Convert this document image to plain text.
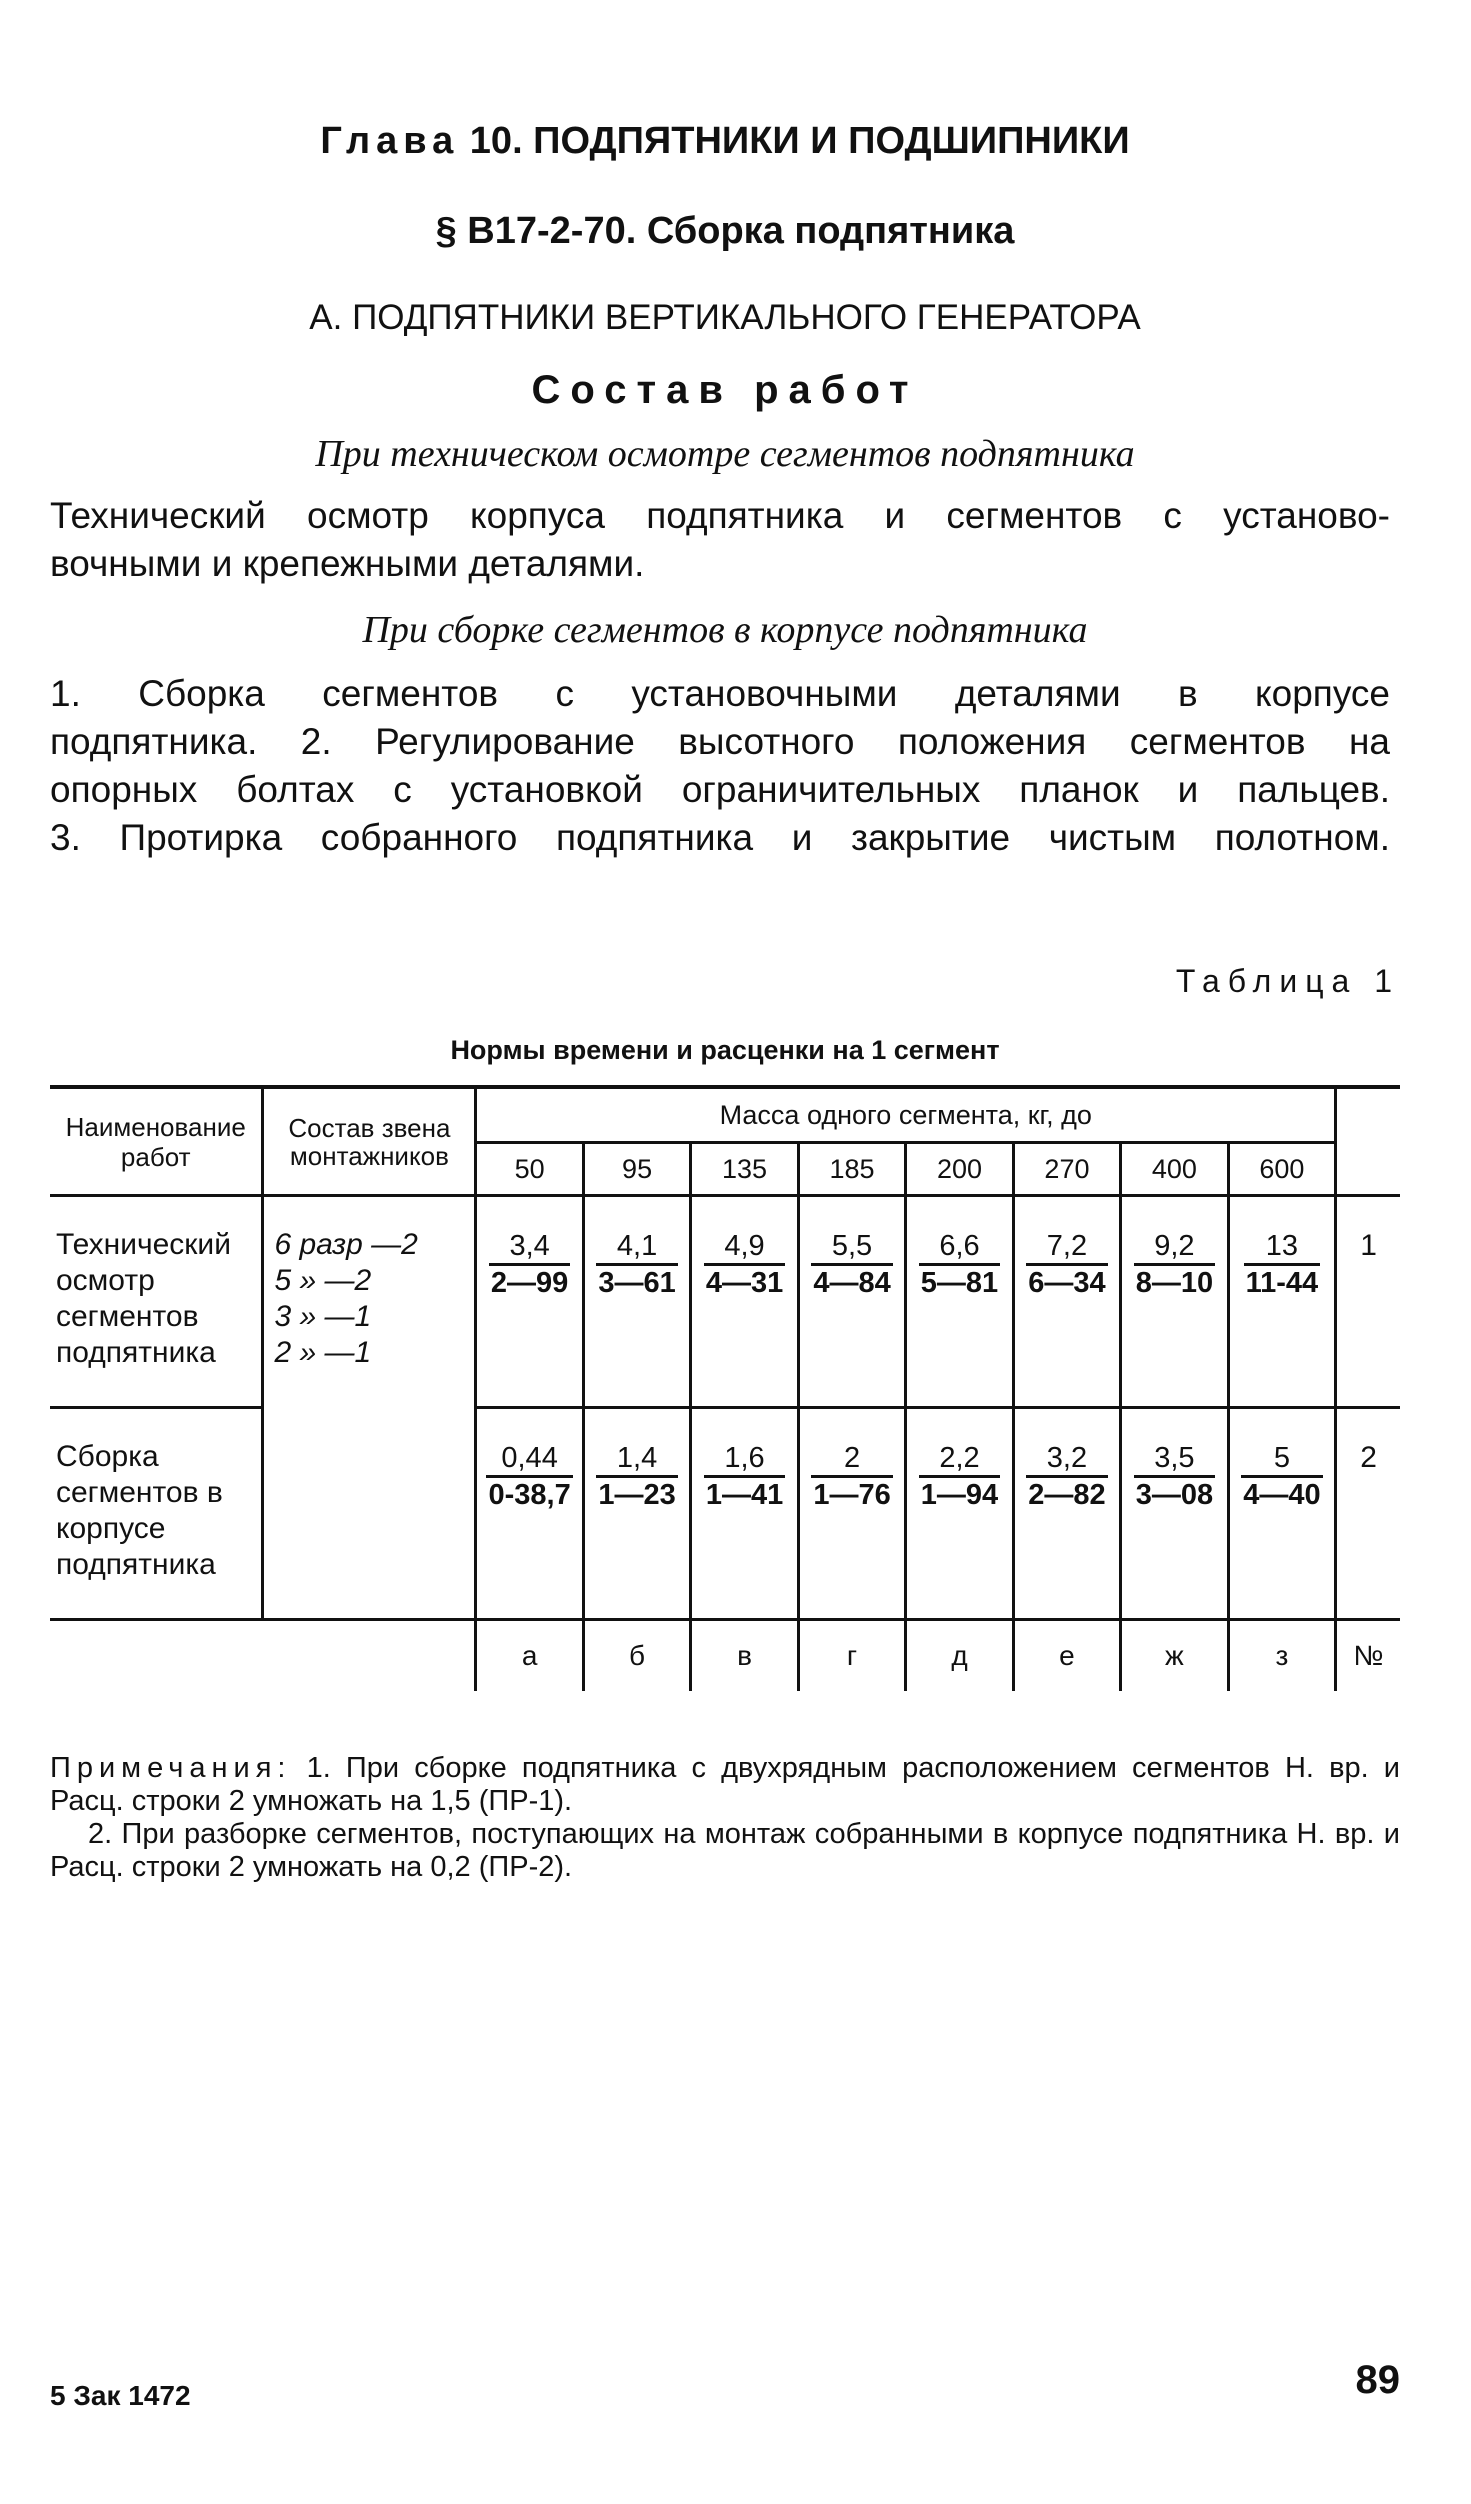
Глава 10. ПОДПЯТНИКИ И ПОДШИПНИКИ
§ В17-2-70. Сборка подпятника
А. ПОДПЯТНИКИ ВЕРТИКАЛЬНОГО ГЕНЕРАТОРА
Состав работ
При техническом осмотре сегментов подпятника
Технический осмотр корпуса подпятника и сегментов с установо-
вочными и крепежными деталями.
При сборке сегментов в корпусе подпятника
1. Сборка сегментов с установочными деталями в корпусе
подпятника. 2. Регулирование высотного положения сегментов на
опорных болтах с установкой ограничительных планок и пальцев.
3. Протирка собранного подпятника и закрытие чистым полотном.
Таблица 1
Нормы времени и расценки на 1 сегмент
Наименование работ	Состав звена монтажников	Масса одного сегмента, кг, до								
		50	95	135	185	200	270	400	600	
Технический осмотр сегментов подпятника	6 разр —2
5 » —2
3 » —1
2 » —1	$\frac{3,4}{2—99}$	$\frac{4,1}{3—61}$	$\frac{4,9}{4—31}$	$\frac{5,5}{4—84}$	$\frac{6,6}{5—81}$	$\frac{7,2}{6—34}$	$\frac{9,2}{8—10}$	$\frac{13}{11-44}$	1
Сборка сегментов в корпусе подпятника		$\frac{0,44}{0-38,7}$	$\frac{1,4}{1—23}$	$\frac{1,6}{1—41}$	$\frac{2}{1—76}$	$\frac{2,2}{1—94}$	$\frac{3,2}{2—82}$	$\frac{3,5}{3—08}$	$\frac{5}{4—40}$	2
		а	б	в	г	д	е	ж	з	№
Примечания: 1. При сборке подпятника с двухрядным расположением сегментов Н. вр. и Расц. строки 2 умножать на 1,5 (ПР-1).
2. При разборке сегментов, поступающих на монтаж собранными в корпусе подпятника Н. вр. и Расц. строки 2 умножать на 0,2 (ПР-2).
5 Зак 1472	89
